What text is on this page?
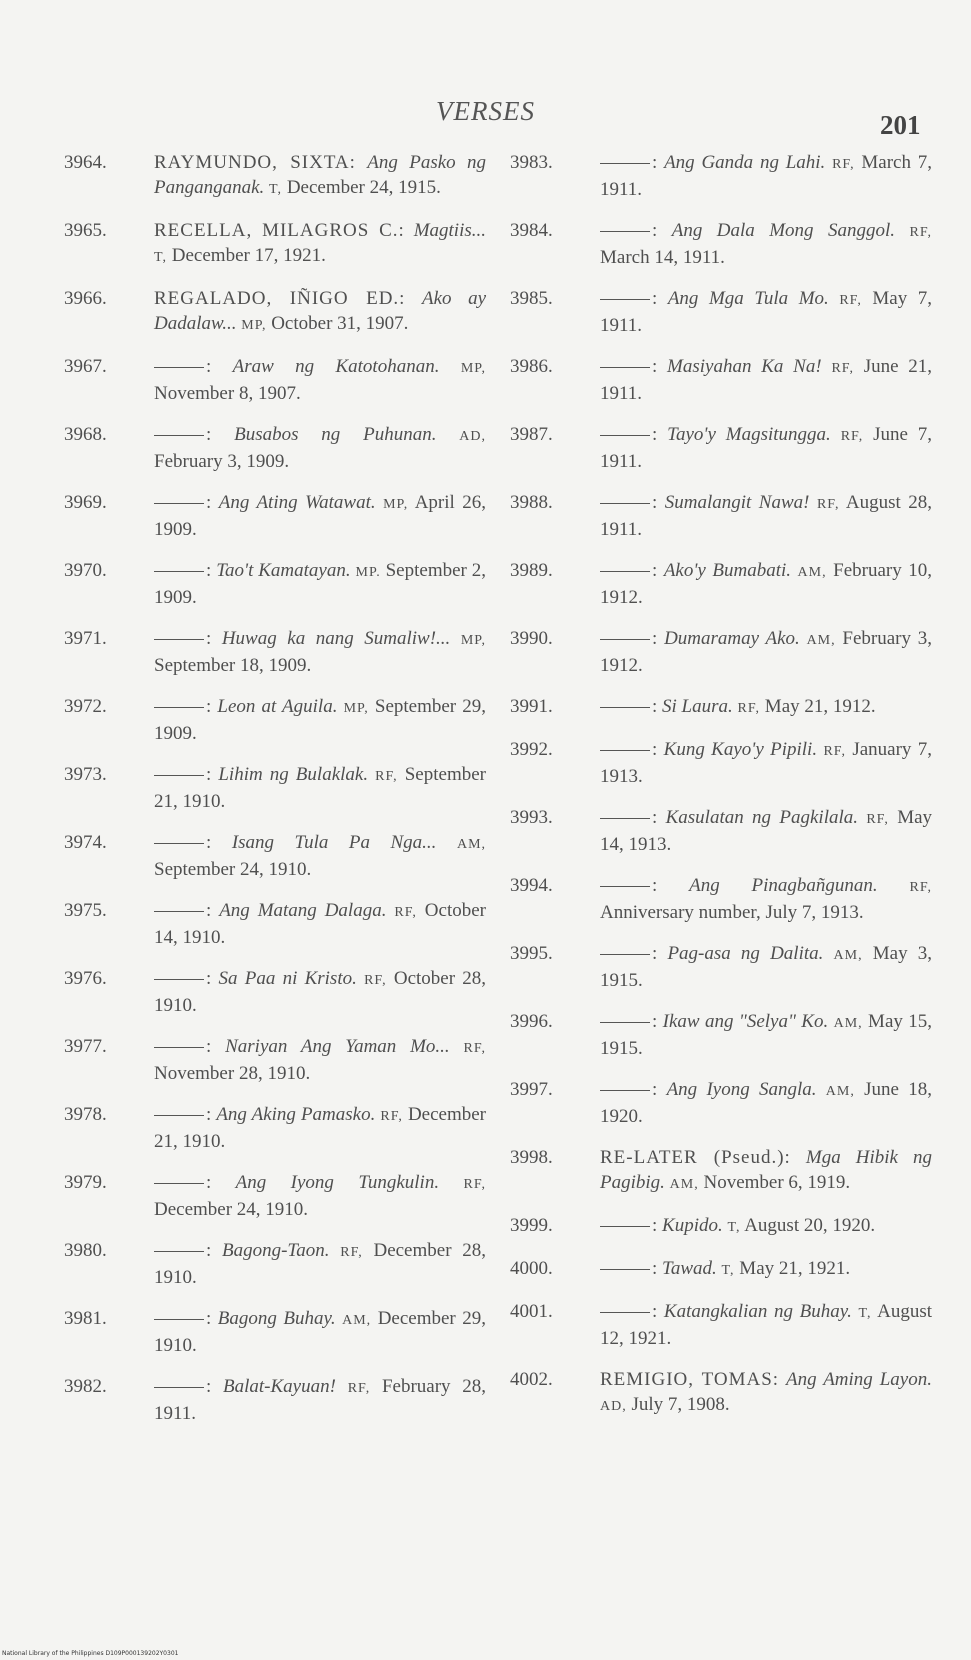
VERSES	201
3964. RAYMUNDO, SIXTA: Ang Pasko ng Panganganak. T, December 24, 1915.
3965. RECELLA, MILAGROS C.: Magtiis... T, December 17, 1921.
3966. REGALADO, IÑIGO ED.: Ako ay Dadalaw... MP, October 31, 1907.
3967.	: Araw ng Katotohanan. MP, November 8, 1907.
3968.	: Busabos ng Puhunan. AD, February 3, 1909.
3969.	: Ang Ating Watawat. MP, April 26, 1909.
3970.	: Tao't Kamatayan. MP. September 2, 1909.
3971.	: Huwag ka nang Sumaliw!... MP, September 18, 1909.
3972.	: Leon at Aguila. MP, September 29, 1909.
3973.	: Lihim ng Bulaklak. RF, September 21, 1910.
3974.	: Isang Tula Pa Nga... AM, September 24, 1910.
3975.	: Ang Matang Dalaga. RF, October 14, 1910.
3976.	: Sa Paa ni Kristo. RF, October 28, 1910.
3977.	: Nariyan Ang Yaman Mo... RF, November 28, 1910.
3978.	: Ang Aking Pamasko. RF, December 21, 1910.
3979.	: Ang Iyong Tungkulin. RF, December 24, 1910.
3980.	: Bagong-Taon. RF, December 28, 1910.
3981.	: Bagong Buhay. AM, December 29, 1910.
3982.	: Balat-Kayuan! RF, February 28, 1911.
3983.	: Ang Ganda ng Lahi. RF, March 7, 1911.
3984.	: Ang Dala Mong Sanggol. RF, March 14, 1911.
3985.	: Ang Mga Tula Mo. RF, May 7, 1911.
3986.	: Masiyahan Ka Na! RF, June 21, 1911.
3987.	: Tayo'y Magsitungga. RF, June 7, 1911.
3988.	: Sumalangit Nawa! RF, August 28, 1911.
3989.	: Ako'y Bumabati. AM, February 10, 1912.
3990.	: Dumaramay Ako. AM, February 3, 1912.
3991.	: Si Laura. RF, May 21, 1912.
3992.	: Kung Kayo'y Pipili. RF, January 7, 1913.
3993.	: Kasulatan ng Pagkilala. RF, May 14, 1913.
3994.	: Ang Pinagbañgunan. RF, Anniversary number, July 7, 1913.
3995.	: Pag-asa ng Dalita. AM, May 3, 1915.
3996.	: Ikaw ang "Selya" Ko. AM, May 15, 1915.
3997.	: Ang Iyong Sangla. AM, June 18, 1920.
3998. RE-LATER (Pseud.): Mga Hibik ng Pagibig. AM, November 6, 1919.
3999.	: Kupido. T, August 20, 1920.
4000.	: Tawad. T, May 21, 1921.
4001.	: Katangkalian ng Buhay. T, August 12, 1921.
4002. REMIGIO, TOMAS: Ang Aming Layon. AD, July 7, 1908.
National Library of the Philippines D109P000139202Y0301
